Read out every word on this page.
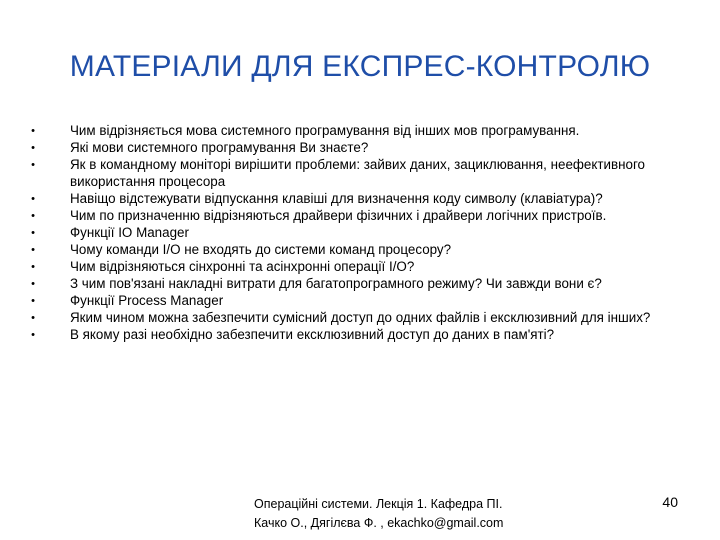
МАТЕРІАЛИ ДЛЯ ЕКСПРЕС-КОНТРОЛЮ
•	Чим відрізняється мова системного програмування від інших мов програмування.
•	Які мови системного програмування Ви знаєте?
•	Як в командному моніторі вирішити проблеми: зайвих даних, зациклювання, неефективного використання процесора
•	Навіщо відстежувати відпускання клавіші для визначення коду символу (клавіатура)?
•	Чим по призначенню відрізняються драйвери фізичних і драйвери логічних пристроїв.
•	Функції IO Manager
•	Чому команди I/O не входять до системи команд процесору?
•	Чим відрізняються сінхронні та асінхронні операції I/O?
•	З чим пов'язані накладні витрати для багатопрограмного режиму? Чи завжди вони є?
•	Функції Process Manager
•	Яким чином можна забезпечити сумісний доступ до одних файлів і ексклюзивний для інших?
•	В якому разі необхідно забезпечити ексклюзивний доступ до даних в пам'яті?
Операційні системи. Лекція 1. Кафедра ПІ.
Качко О., Дягілєва Ф. , ekachko@gmail.com
40
